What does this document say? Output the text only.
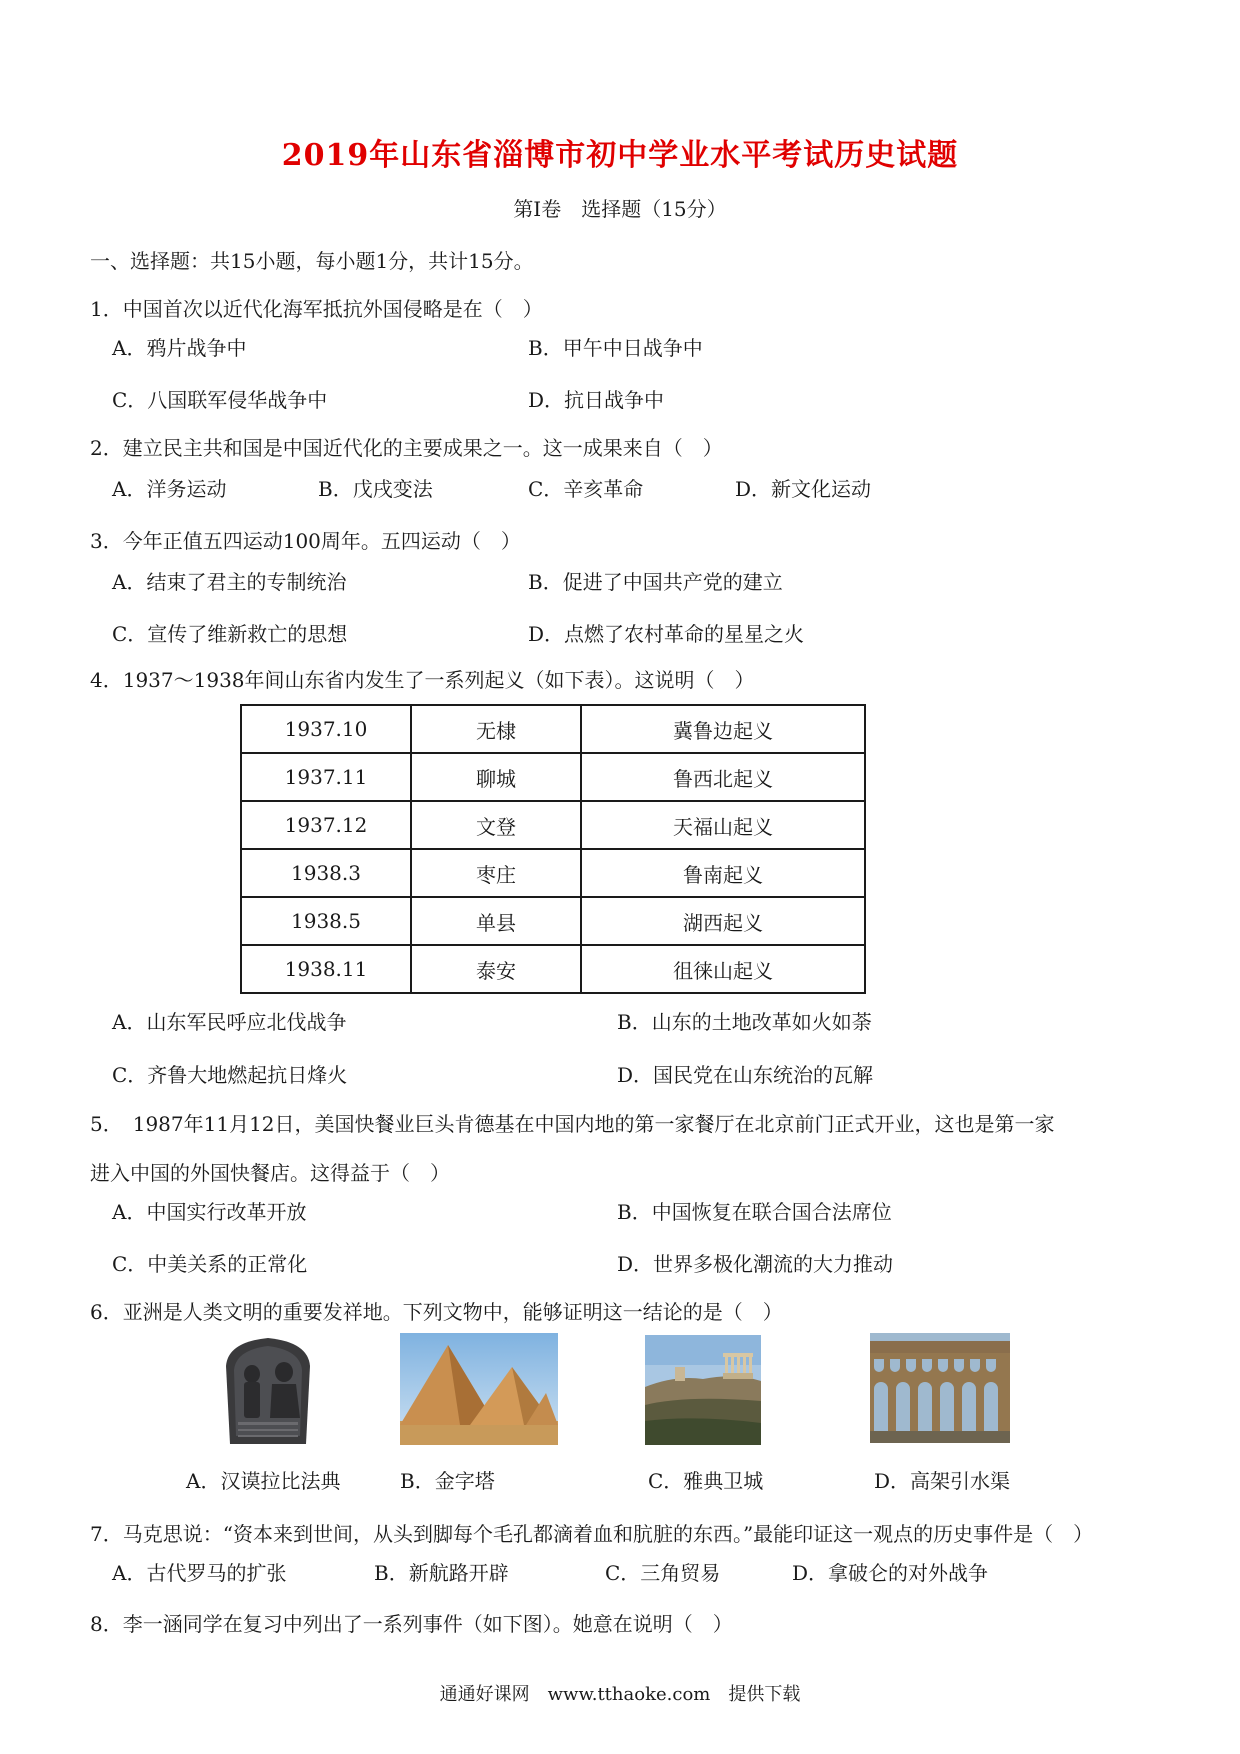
2019年山东省淄博市初中学业水平考试历史试题
第Ⅰ卷　选择题（15分）
一、选择题：共15小题，每小题1分，共计15分。
1．中国首次以近代化海军抵抗外国侵略是在（　）
A．鸦片战争中	B．甲午中日战争中
C．八国联军侵华战争中	D．抗日战争中
2．建立民主共和国是中国近代化的主要成果之一。这一成果来自（　）
A．洋务运动	B．戊戌变法	C．辛亥革命	D．新文化运动
3．今年正值五四运动100周年。五四运动（　）
A．结束了君主的专制统治	B．促进了中国共产党的建立
C．宣传了维新救亡的思想	D．点燃了农村革命的星星之火
4．1937～1938年间山东省内发生了一系列起义（如下表）。这说明（　）
1937.10	无棣	冀鲁边起义
1937.11	聊城	鲁西北起义
1937.12	文登	天福山起义
1938.3	枣庄	鲁南起义
1938.5	单县	湖西起义
1938.11	泰安	徂徕山起义
A．山东军民呼应北伐战争	B．山东的土地改革如火如荼
C．齐鲁大地燃起抗日烽火	D．国民党在山东统治的瓦解
5．　1987年11月12日，美国快餐业巨头肯德基在中国内地的第一家餐厅在北京前门正式开业，这也是第一家
进入中国的外国快餐店。这得益于（　）
A．中国实行改革开放	B．中国恢复在联合国合法席位
C．中美关系的正常化	D．世界多极化潮流的大力推动
6．亚洲是人类文明的重要发祥地。下列文物中，能够证明这一结论的是（　）
A．汉谟拉比法典	B．金字塔	C．雅典卫城	D．高架引水渠
7．马克思说：“资本来到世间，从头到脚每个毛孔都滴着血和肮脏的东西。”最能印证这一观点的历史事件是（　）
A．古代罗马的扩张	B．新航路开辟	C．三角贸易	D．拿破仑的对外战争
8．李一涵同学在复习中列出了一系列事件（如下图）。她意在说明（　）
通通好课网　www.tthaoke.com　提供下载
